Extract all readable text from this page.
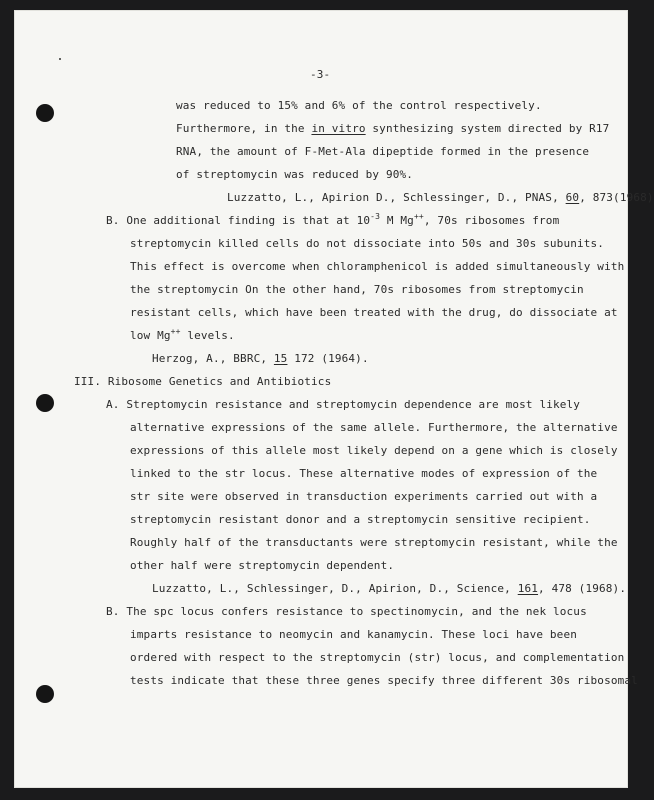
-3-
was reduced to 15% and 6% of the control respectively.
Furthermore, in the in vitro synthesizing system directed by R17
RNA, the amount of F-Met-Ala dipeptide formed in the presence
of streptomycin was reduced by 90%.
Luzzatto, L., Apirion D., Schlessinger, D., PNAS, 60, 873(1968)
B. One additional finding is that at $10^{-3}$ M Mg++, 70s ribosomes from
streptomycin killed cells do not dissociate into 50s and 30s subunits.
This effect is overcome when chloramphenicol is added simultaneously with
the streptomycin On the other hand, 70s ribosomes from streptomycin
resistant cells, which have been treated with the drug, do dissociate at
low Mg++ levels.
Herzog, A., BBRC, 15 172 (1964).
III. Ribosome Genetics and Antibiotics
A. Streptomycin resistance and streptomycin dependence are most likely
alternative expressions of the same allele. Furthermore, the alternative
expressions of this allele most likely depend on a gene which is closely
linked to the str locus. These alternative modes of expression of the
str site were observed in transduction experiments carried out with a
streptomycin resistant donor and a streptomycin sensitive recipient.
Roughly half of the transductants were streptomycin resistant, while the
other half were streptomycin dependent.
Luzzatto, L., Schlessinger, D., Apirion, D., Science, 161, 478 (1968).
B. The spc locus confers resistance to spectinomycin, and the nek locus
imparts resistance to neomycin and kanamycin. These loci have been
ordered with respect to the streptomycin (str) locus, and complementation
tests indicate that these three genes specify three different 30s ribosomal
